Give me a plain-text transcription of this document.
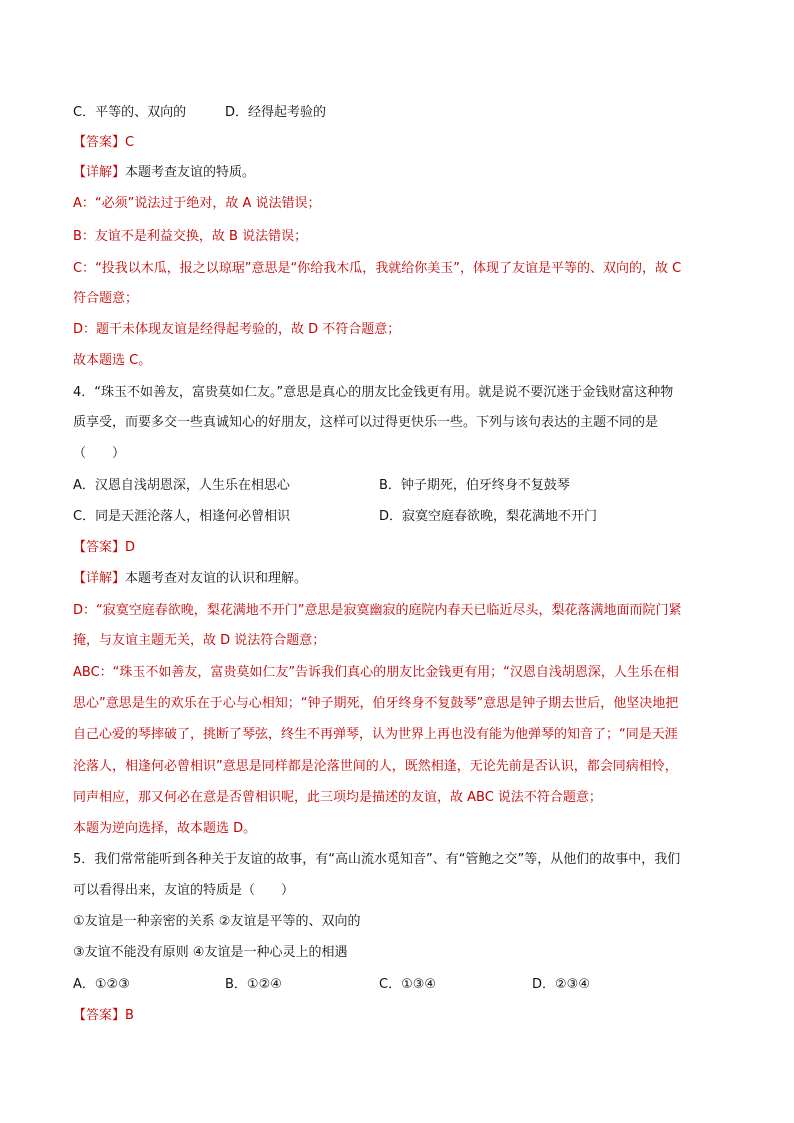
C．平等的、双向的	D．经得起考验的
【答案】C
【详解】本题考查友谊的特质。
A：“必须”说法过于绝对，故 A 说法错误；
B：友谊不是利益交换，故 B 说法错误；
C：“投我以木瓜，报之以琼琚”意思是“你给我木瓜，我就给你美玉”，体现了友谊是平等的、双向的，故 C
符合题意；
D：题干未体现友谊是经得起考验的，故 D 不符合题意；
故本题选 C。
4．“珠玉不如善友，富贵莫如仁友。”意思是真心的朋友比金钱更有用。就是说不要沉迷于金钱财富这种物
质享受，而要多交一些真诚知心的好朋友，这样可以过得更快乐一些。下列与该句表达的主题不同的是
（　　）
A．汉恩自浅胡恩深，人生乐在相思心	B．钟子期死，伯牙终身不复鼓琴
C．同是天涯沦落人，相逢何必曾相识	D．寂寞空庭春欲晚，梨花满地不开门
【答案】D
【详解】本题考查对友谊的认识和理解。
D：“寂寞空庭春欲晚，梨花满地不开门”意思是寂寞幽寂的庭院内春天已临近尽头，梨花落满地面而院门紧
掩，与友谊主题无关，故 D 说法符合题意；
ABC：“珠玉不如善友，富贵莫如仁友”告诉我们真心的朋友比金钱更有用；“汉恩自浅胡恩深，人生乐在相
思心”意思是生的欢乐在于心与心相知；“钟子期死，伯牙终身不复鼓琴”意思是钟子期去世后，他坚决地把
自己心爱的琴摔破了，挑断了琴弦，终生不再弹琴，认为世界上再也没有能为他弹琴的知音了；“同是天涯
沦落人，相逢何必曾相识”意思是同样都是沦落世间的人，既然相逢，无论先前是否认识，都会同病相怜，
同声相应，那又何必在意是否曾相识呢，此三项均是描述的友谊，故 ABC 说法不符合题意；
本题为逆向选择，故本题选 D。
5．我们常常能听到各种关于友谊的故事，有“高山流水觅知音”、有“管鲍之交”等，从他们的故事中，我们
可以看得出来，友谊的特质是（　　）
①友谊是一种亲密的关系 ②友谊是平等的、双向的
③友谊不能没有原则 ④友谊是一种心灵上的相遇
A．①②③	B．①②④	C．①③④	D．②③④
【答案】B
